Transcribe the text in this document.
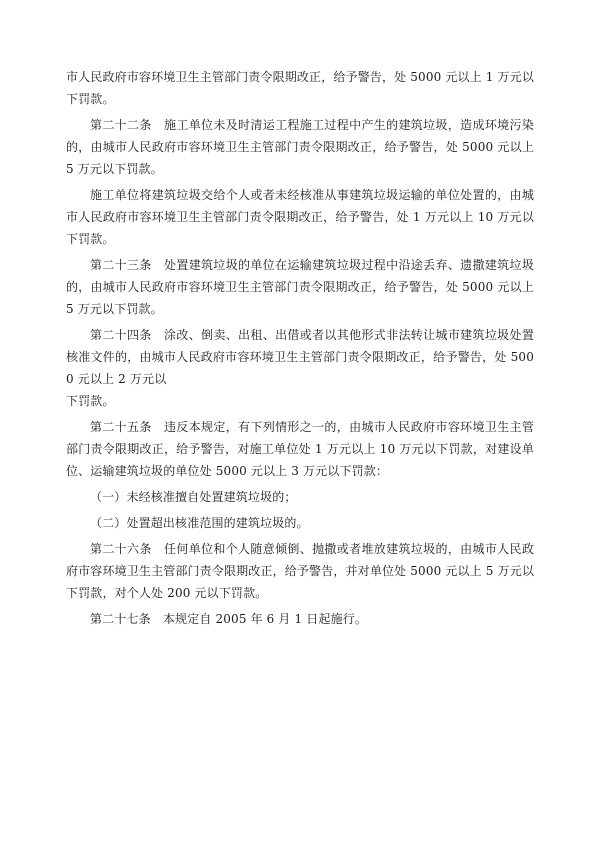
市人民政府市容环境卫生主管部门责令限期改正，给予警告，处 5000 元以上 1 万元以下罚款。

第二十二条　施工单位未及时清运工程施工过程中产生的建筑垃圾，造成环境污染的，由城市人民政府市容环境卫生主管部门责令限期改正，给予警告，处 5000 元以上 5 万元以下罚款。

施工单位将建筑垃圾交给个人或者未经核准从事建筑垃圾运输的单位处置的，由城市人民政府市容环境卫生主管部门责令限期改正，给予警告，处 1 万元以上 10 万元以下罚款。

第二十三条　处置建筑垃圾的单位在运输建筑垃圾过程中沿途丢弃、遗撒建筑垃圾的，由城市人民政府市容环境卫生主管部门责令限期改正，给予警告，处 5000 元以上 5 万元以下罚款。

第二十四条　涂改、倒卖、出租、出借或者以其他形式非法转让城市建筑垃圾处置核准文件的，由城市人民政府市容环境卫生主管部门责令限期改正，给予警告，处 5000 元以上 2 万元以
下罚款。

第二十五条　违反本规定，有下列情形之一的，由城市人民政府市容环境卫生主管部门责令限期改正，给予警告，对施工单位处 1 万元以上 10 万元以下罚款，对建设单位、运输建筑垃圾的单位处 5000 元以上 3 万元以下罚款：

（一）未经核准擅自处置建筑垃圾的；

（二）处置超出核准范围的建筑垃圾的。

第二十六条　任何单位和个人随意倾倒、抛撒或者堆放建筑垃圾的，由城市人民政府市容环境卫生主管部门责令限期改正，给予警告，并对单位处 5000 元以上 5 万元以下罚款，对个人处 200 元以下罚款。

第二十七条　本规定自 2005 年 6 月 1 日起施行。
